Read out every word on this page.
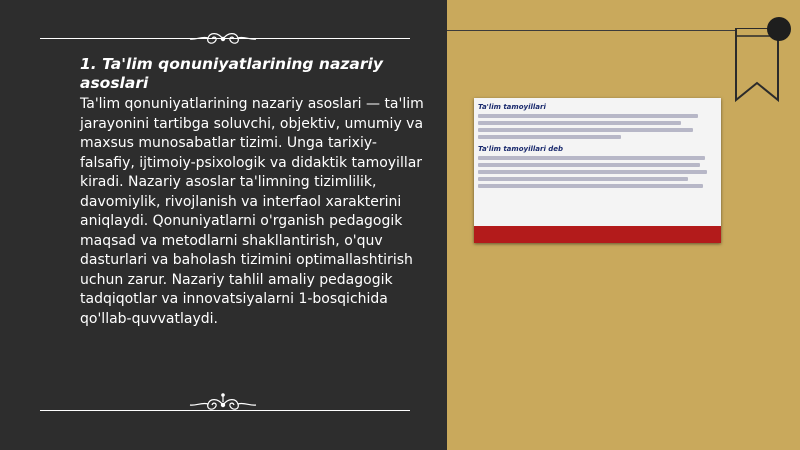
1. Ta'lim qonuniyatlarining nazariy asoslari

Ta'lim qonuniyatlarining nazariy asoslari — ta'lim jarayonini tartibga soluvchi, objektiv, umumiy va maxsus munosabatlar tizimi. Unga tarixiy-falsafiy, ijtimoiy-psixologik va didaktik tamoyillar kiradi. Nazariy asoslar ta'limning tizimlilik, davomiylik, rivojlanish va interfaol xarakterini aniqlaydi. Qonuniyatlarni o'rganish pedagogik maqsad va metodlarni shakllantirish, o'quv dasturlari va baholash tizimini optimallashtirish uchun zarur. Nazariy tahlil amaliy pedagogik tadqiqotlar va innovatsiyalarni 1-bosqichida qo'llab-quvvatlaydi.

Ta'lim tamoyillari
Ta'lim tamoyillari deb
